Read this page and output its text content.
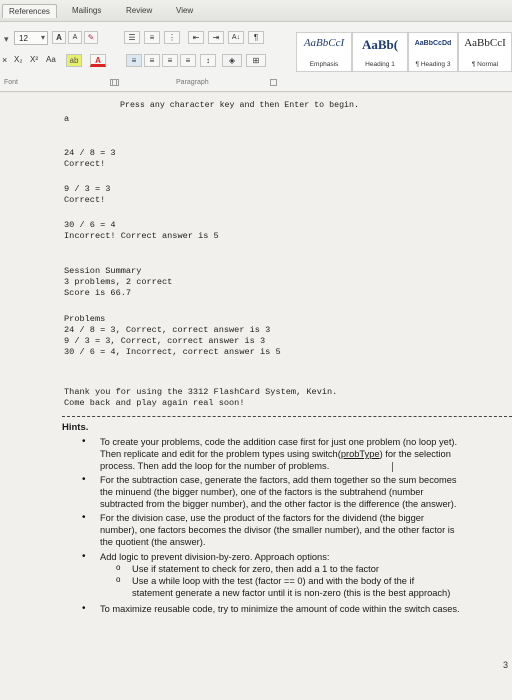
References	Mailings	Review	View
▾ 12 ▾	A	A	✎
× X₂ X² Aa	ab	A
Font
☰	≡	⋮	⇤	⇥	A↓	¶
≡	≡	≡	≡	↕	◈	⊞
Paragraph
AaBbCcI
Emphasis
AaBb(
Heading 1
AaBbCcDd
¶ Heading 3
AaBbCcI
¶ Normal
Press any character key and then Enter to begin.
a
24 / 8 = 3
Correct!
9 / 3 = 3
Correct!
30 / 6 = 4
Incorrect! Correct answer is 5
Session Summary
3 problems, 2 correct
Score is 66.7
Problems
24 / 8 = 3, Correct, correct answer is 3
9 / 3 = 3, Correct, correct answer is 3
30 / 6 = 4, Incorrect, correct answer is 5
Thank you for using the 3312 FlashCard System, Kevin.
Come back and play again real soon!
Hints.
• To create your problems, code the addition case first for just one problem (no loop yet).
Then replicate and edit for the problem types using switch(probType) for the selection
process. Then add the loop for the number of problems.
• For the subtraction case, generate the factors, add them together so the sum becomes
the minuend (the bigger number), one of the factors is the subtrahend (number
subtracted from the bigger number), and the other factor is the difference (the answer).
• For the division case, use the product of the factors for the dividend (the bigger
number), one factors becomes the divisor (the smaller number), and the other factor is
the quotient (the answer).
• Add logic to prevent division-by-zero. Approach options:
o Use if statement to check for zero, then add a 1 to the factor
o Use a while loop with the test (factor == 0) and with the body of the if
statement generate a new factor until it is non-zero (this is the best approach)
• To maximize reusable code, try to minimize the amount of code within the switch cases.
3
